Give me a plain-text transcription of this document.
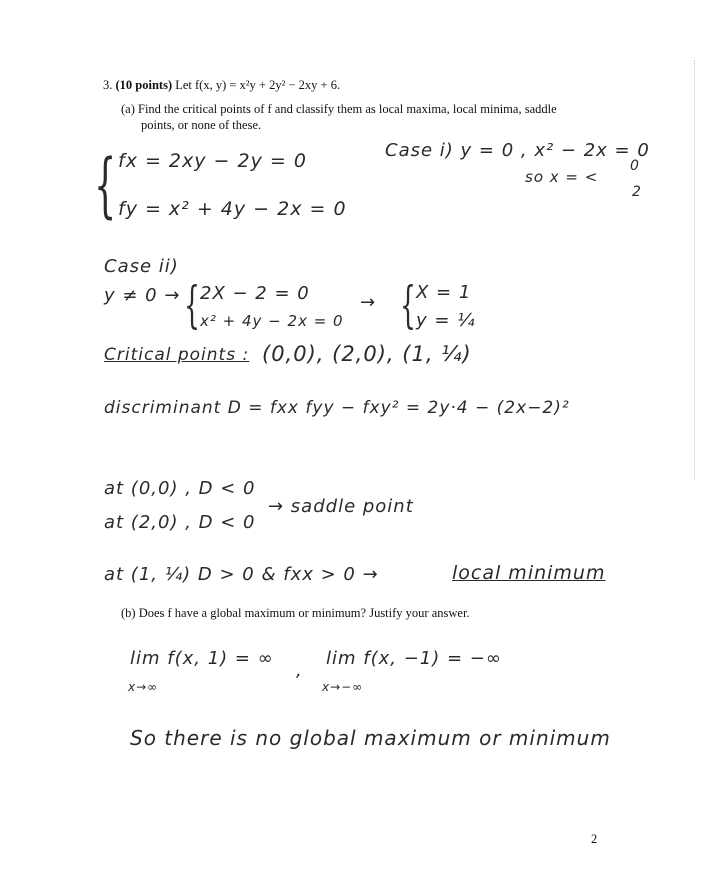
3. (10 points) Let f(x, y) = x²y + 2y² − 2xy + 6.
(a) Find the critical points of f and classify them as local maxima, local minima, saddle
points, or none of these.
{ fx = 2xy − 2y = 0
fy = x² + 4y − 2x = 0
Case i) y = 0 , x² − 2x = 0
so x = <
0
2
Case ii)
y ≠ 0 → { 2X − 2 = 0
x² + 4y − 2x = 0
→ { X = 1
y = ¼
Critical points : (0,0), (2,0), (1, ¼)
discriminant D = fxx fyy − fxy² = 2y·4 − (2x−2)²
at (0,0) , D < 0
at (2,0) , D < 0
→ saddle point
at (1, ¼) D > 0 & fxx > 0 →	local minimum
(b) Does f have a global maximum or minimum? Justify your answer.
lim f(x, 1) = ∞
x→∞
,
lim f(x, −1) = −∞
x→−∞
So there is no global maximum or minimum
2
